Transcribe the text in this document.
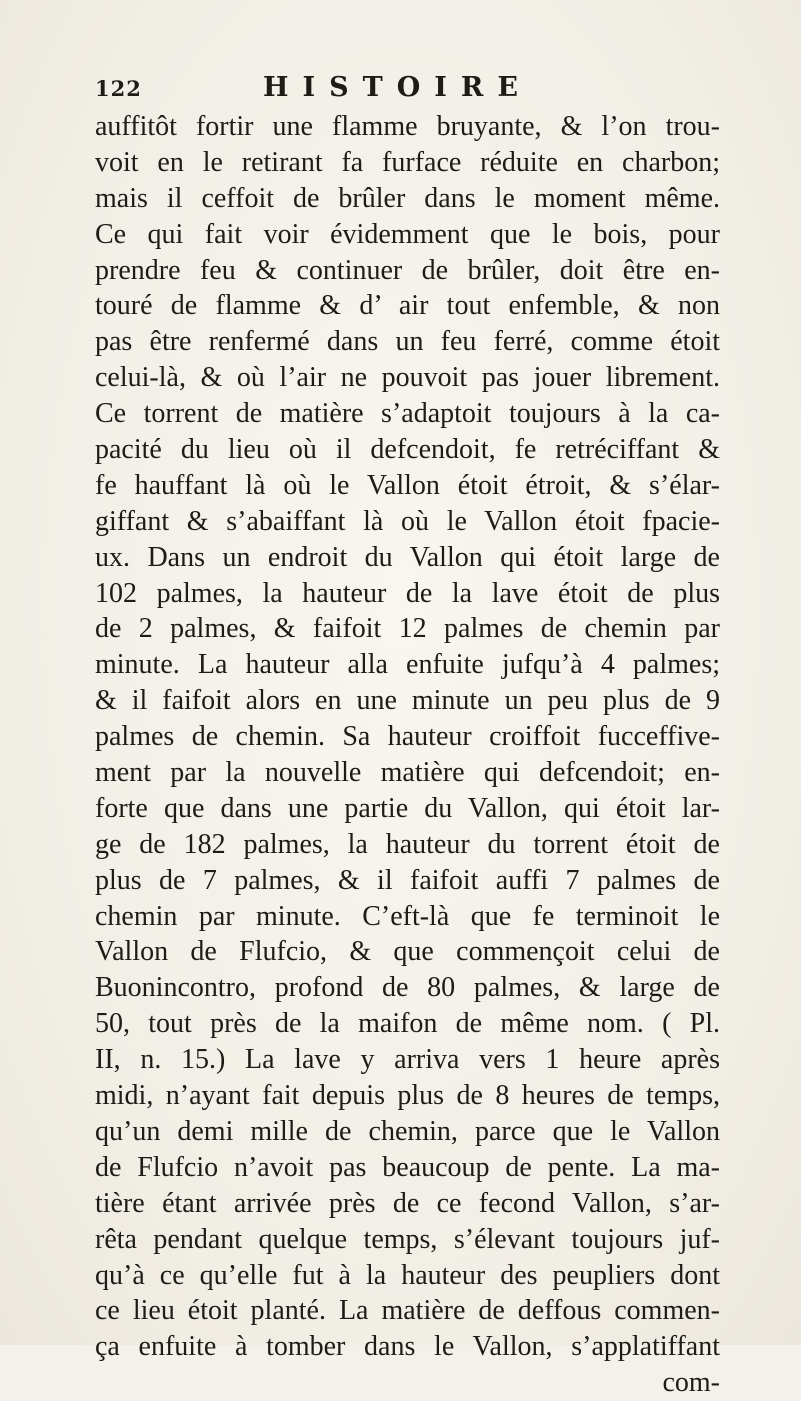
122	HISTOIRE
auffitôt fortir une flamme bruyante, & l’on trou-
voit en le retirant fa furface réduite en charbon;
mais il ceffoit de brûler dans le moment même.
Ce qui fait voir évidemment que le bois, pour
prendre feu & continuer de brûler, doit être en-
touré de flamme & d’ air tout enfemble, & non
pas être renfermé dans un feu ferré, comme étoit
celui-là, & où l’air ne pouvoit pas jouer librement.
Ce torrent de matière s’adaptoit toujours à la ca-
pacité du lieu où il defcendoit, fe retréciffant &
fe hauffant là où le Vallon étoit étroit, & s’élar-
giffant & s’abaiffant là où le Vallon étoit fpacie-
ux. Dans un endroit du Vallon qui étoit large de
102 palmes, la hauteur de la lave étoit de plus
de 2 palmes, & faifoit 12 palmes de chemin par
minute. La hauteur alla enfuite jufqu’à 4 palmes;
& il faifoit alors en une minute un peu plus de 9
palmes de chemin. Sa hauteur croiffoit fucceffive-
ment par la nouvelle matière qui defcendoit; en-
forte que dans une partie du Vallon, qui étoit lar-
ge de 182 palmes, la hauteur du torrent étoit de
plus de 7 palmes, & il faifoit auffi 7 palmes de
chemin par minute. C’eft-là que fe terminoit le
Vallon de Flufcio, & que commençoit celui de
Buonincontro, profond de 80 palmes, & large de
50, tout près de la maifon de même nom. ( Pl.
II, n. 15.) La lave y arriva vers 1 heure après
midi, n’ayant fait depuis plus de 8 heures de temps,
qu’un demi mille de chemin, parce que le Vallon
de Flufcio n’avoit pas beaucoup de pente. La ma-
tière étant arrivée près de ce fecond Vallon, s’ar-
rêta pendant quelque temps, s’élevant toujours juf-
qu’à ce qu’elle fut à la hauteur des peupliers dont
ce lieu étoit planté. La matière de deffous commen-
ça enfuite à tomber dans le Vallon, s’applatiffant
com-
